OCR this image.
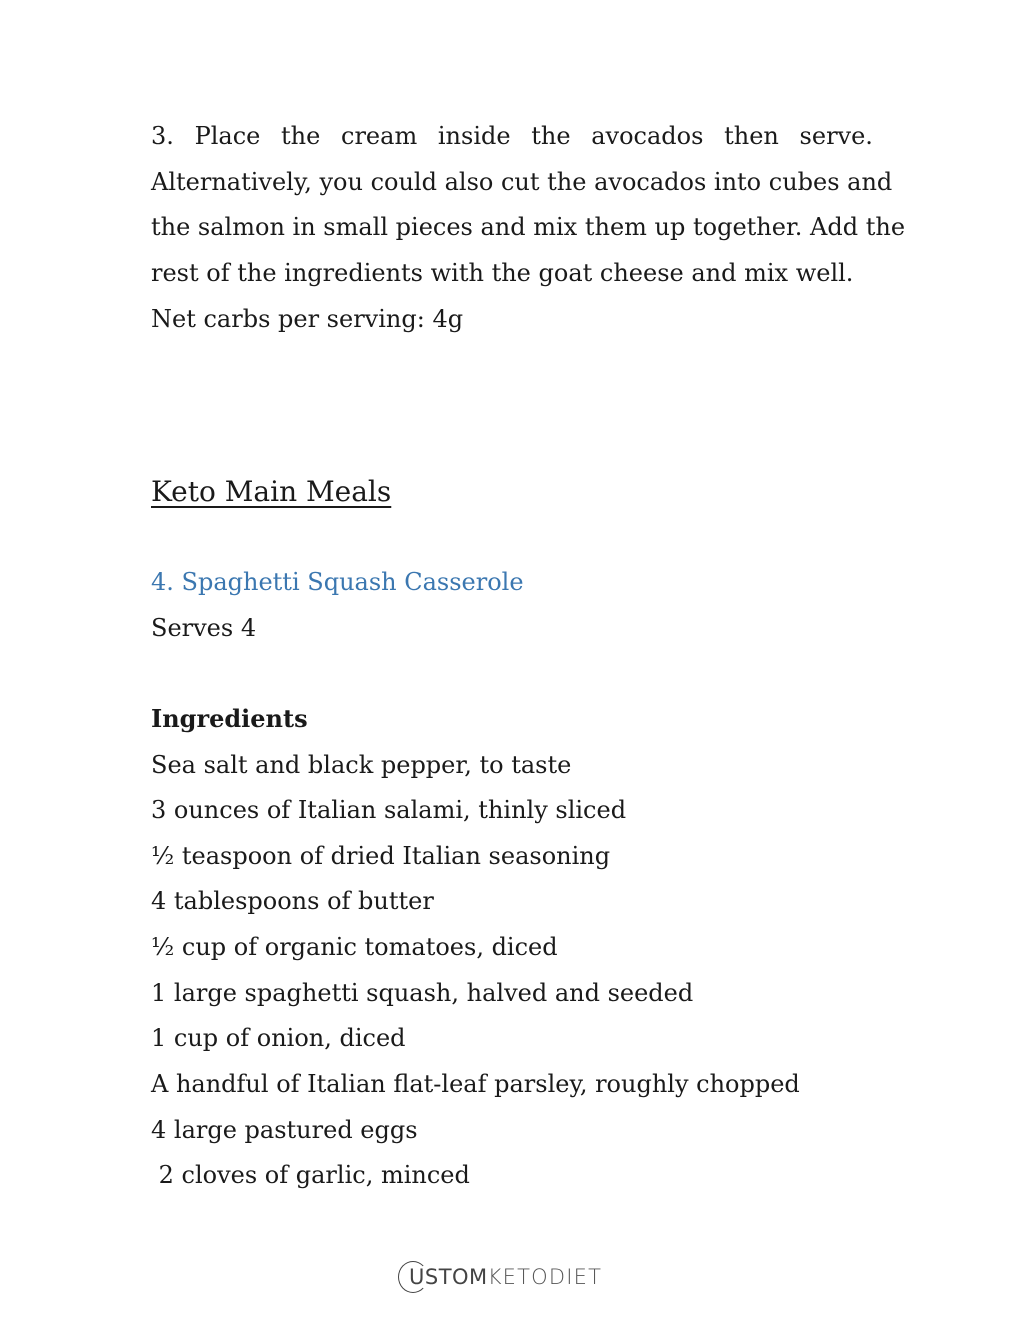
3. Place the cream inside the avocados then serve.
Alternatively, you could also cut the avocados into cubes and
the salmon in small pieces and mix them up together. Add the
rest of the ingredients with the goat cheese and mix well.
Net carbs per serving: 4g
Keto Main Meals
4. Spaghetti Squash Casserole
Serves 4
Ingredients
Sea salt and black pepper, to taste
3 ounces of Italian salami, thinly sliced
½ teaspoon of dried Italian seasoning
4 tablespoons of butter
½ cup of organic tomatoes, diced
1 large spaghetti squash, halved and seeded
1 cup of onion, diced
A handful of Italian flat-leaf parsley, roughly chopped
4 large pastured eggs
2 cloves of garlic, minced
USTOM KETODIET
